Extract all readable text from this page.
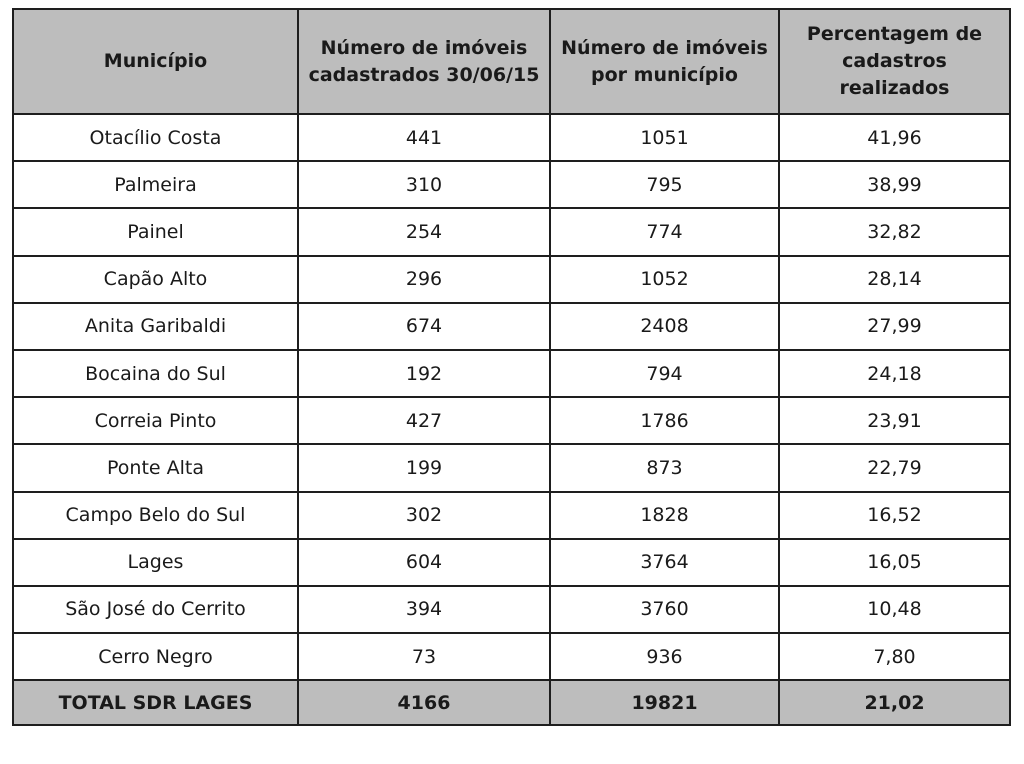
Município	Número de imóveis cadastrados 30/06/15	Número de imóveis por município	Percentagem de cadastros realizados
Otacílio Costa	441	1051	41,96
Palmeira	310	795	38,99
Painel	254	774	32,82
Capão Alto	296	1052	28,14
Anita Garibaldi	674	2408	27,99
Bocaina do Sul	192	794	24,18
Correia Pinto	427	1786	23,91
Ponte Alta	199	873	22,79
Campo Belo do Sul	302	1828	16,52
Lages	604	3764	16,05
São José do Cerrito	394	3760	10,48
Cerro Negro	73	936	7,80
TOTAL SDR LAGES	4166	19821	21,02
